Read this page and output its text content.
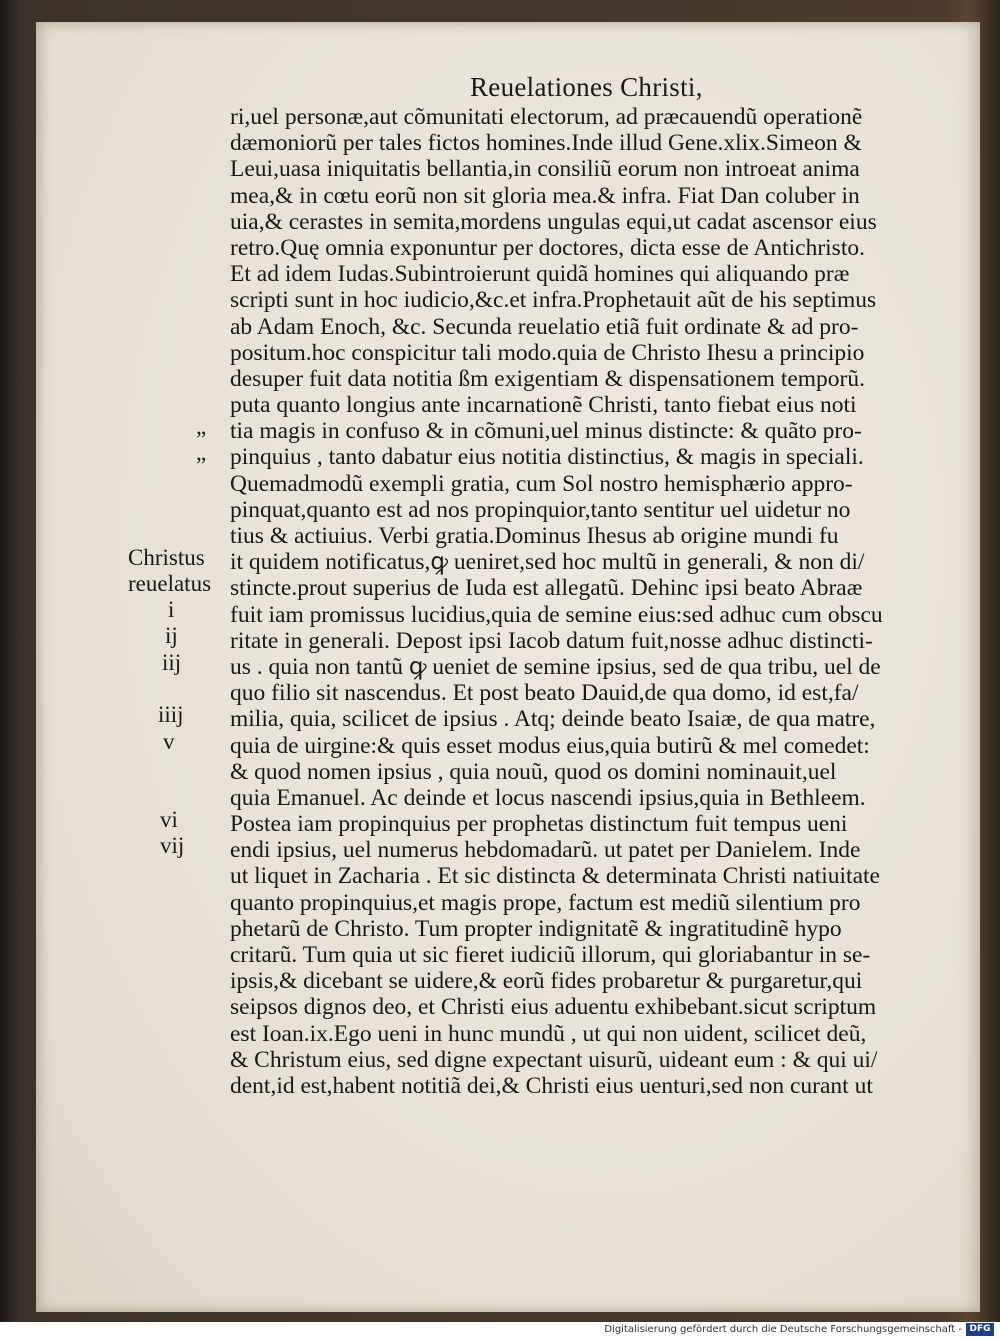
Reuelationes Christi,
ri,uel personæ,aut cõmunitati electorum, ad præcauendũ operationẽ
dæmoniorũ per tales fictos homines.Inde illud Gene.xlix.Simeon &
Leui,uasa iniquitatis bellantia,in consiliũ eorum non introeat anima
mea,& in cœtu eorũ non sit gloria mea.& infra. Fiat Dan coluber in
uia,& cerastes in semita,mordens ungulas equi,ut cadat ascensor eius
retro.Quę omnia exponuntur per doctores, dicta esse de Antichristo.
Et ad idem Iudas.Subintroierunt quidã homines qui aliquando præ
scripti sunt in hoc iudicio,&c.et infra.Prophetauit aũt de his septimus
ab Adam Enoch, &c. Secunda reuelatio etiã fuit ordinate & ad pro-
positum.hoc conspicitur tali modo.quia de Christo Ihesu a principio
desuper fuit data notitia ßm exigentiam & dispensationem temporũ.
puta quanto longius ante incarnationẽ Christi, tanto fiebat eius noti
tia magis in confuso & in cõmuni,uel minus distincte: & quãto pro-
pinquius , tanto dabatur eius notitia distinctius, & magis in speciali.
Quemadmodũ exempli gratia, cum Sol nostro hemisphærio appro-
pinquat,quanto est ad nos propinquior,tanto sentitur uel uidetur no
tius & actiuius. Verbi gratia.Dominus Ihesus ab origine mundi fu
it quidem notificatus,ꝙ ueniret,sed hoc multũ in generali, & non di/
stincte.prout superius de Iuda est allegatũ. Dehinc ipsi beato Abraæ
fuit iam promissus lucidius,quia de semine eius:sed adhuc cum obscu
ritate in generali. Depost ipsi Iacob datum fuit,nosse adhuc distincti-
us . quia non tantũ ꝙ ueniet de semine ipsius, sed de qua tribu, uel de
quo filio sit nascendus. Et post beato Dauid,de qua domo, id est,fa/
milia, quia, scilicet de ipsius . Atq; deinde beato Isaiæ, de qua matre,
quia de uirgine:& quis esset modus eius,quia butirũ & mel comedet:
& quod nomen ipsius , quia nouũ, quod os domini nominauit,uel
quia Emanuel. Ac deinde et locus nascendi ipsius,quia in Bethleem.
Postea iam propinquius per prophetas distinctum fuit tempus ueni
endi ipsius, uel numerus hebdomadarũ. ut patet per Danielem. Inde
ut liquet in Zacharia . Et sic distincta & determinata Christi natiuitate
quanto propinquius,et magis prope, factum est mediũ silentium pro
phetarũ de Christo. Tum propter indignitatẽ & ingratitudinẽ hypo
critarũ. Tum quia ut sic fieret iudiciũ illorum, qui gloriabantur in se-
ipsis,& dicebant se uidere,& eorũ fides probaretur & purgaretur,qui
seipsos dignos deo, et Christi eius aduentu exhibebant.sicut scriptum
est Ioan.ix.Ego ueni in hunc mundũ , ut qui non uident, scilicet deũ,
& Christum eius, sed digne expectant uisurũ, uideant eum : & qui ui/
dent,id est,habent notitiã dei,& Christi eius uenturi,sed non curant ut
„
„
Christus
reuelatus
i
ij
iij
iiij
v
vi
vij
Digitalisierung gefördert durch die Deutsche Forschungsgemeinschaft - DFG
